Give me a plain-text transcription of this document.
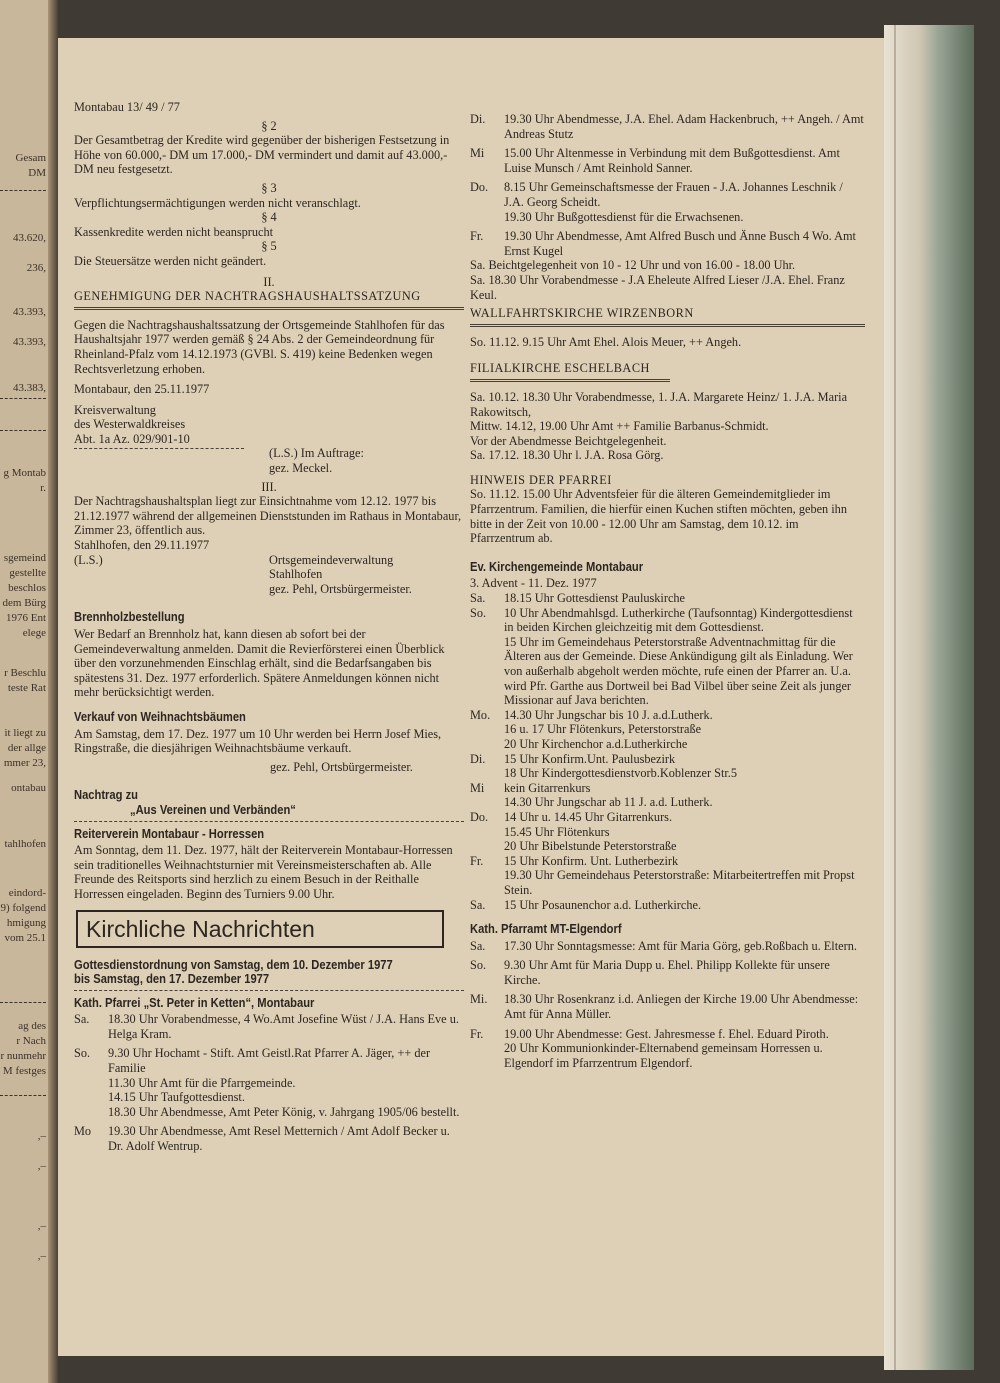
Gesam
DM
43.620,
236,
43.393,
43.393,
43.383,
g Montab
r.
sgemeind
gestellte
beschlos
dem Bürg
1976 Ent
elege
r Beschlu
teste Rat
it liegt zu
der allge
mmer 23,
ontabau
tahlhofen
eindord-
9) folgend
hmigung
vom 25.1
ag des
r Nach
r nunmehr
M festges
,–
,–
,–
,–

Montabau 13/ 49 / 77

§ 2

Der Gesamtbetrag der Kredite wird gegenüber der bisherigen Festsetzung in Höhe von 60.000,- DM um 17.000,- DM vermindert und damit auf 43.000,- DM neu festgesetzt.

§ 3

Verpflichtungsermächtigungen werden nicht veranschlagt.

§ 4

Kassenkredite werden nicht beansprucht

§ 5

Die Steuersätze werden nicht geändert.

II.

GENEHMIGUNG DER NACHTRAGSHAUSHALTSSATZUNG

Gegen die Nachtragshaushaltssatzung der Ortsgemeinde Stahlhofen für das Haushaltsjahr 1977 werden gemäß § 24 Abs. 2 der Gemeindeordnung für Rheinland-Pfalz vom 14.12.1973 (GVBl. S. 419) keine Bedenken wegen Rechtsverletzung erhoben.

Montabaur, den 25.11.1977

Kreisverwaltung

des Westerwaldkreises

Abt. 1a Az. 029/901-10

(L.S.) Im Auftrage:

gez. Meckel.

III.

Der Nachtragshaushaltsplan liegt zur Einsichtnahme vom 12.12. 1977 bis 21.12.1977 während der allgemeinen Dienststunden im Rathaus in Montabaur, Zimmer 23, öffentlich aus.

Stahlhofen, den 29.11.1977

(L.S.)	Ortsgemeindeverwaltung

Stahlhofen

gez. Pehl, Ortsbürgermeister.

Brennholzbestellung

Wer Bedarf an Brennholz hat, kann diesen ab sofort bei der Gemeindeverwaltung anmelden. Damit die Revierförsterei einen Überblick über den vorzunehmenden Einschlag erhält, sind die Bedarfsangaben bis spätestens 31. Dez. 1977 erforderlich. Spätere Anmeldungen können nicht mehr berücksichtigt werden.

Verkauf von Weihnachtsbäumen

Am Samstag, dem 17. Dez. 1977 um 10 Uhr werden bei Herrn Josef Mies, Ringstraße, die diesjährigen Weihnachtsbäume verkauft.

gez. Pehl, Ortsbürgermeister.

Nachtrag zu
„Aus Vereinen und Verbänden“
Reiterverein Montabaur - Horressen

Am Sonntag, dem 11. Dez. 1977, hält der Reiterverein Montabaur-Horressen sein traditionelles Weihnachtsturnier mit Vereinsmeisterschaften ab. Alle Freunde des Reitsports sind herzlich zu einem Besuch in der Reithalle Horressen eingeladen. Beginn des Turniers 9.00 Uhr.

Kirchliche Nachrichten
Gottesdienstordnung von Samstag, dem 10. Dezember 1977
bis Samstag, den 17. Dezember 1977
Kath. Pfarrei „St. Peter in Ketten“, Montabaur
Sa.	18.30 Uhr Vorabendmesse, 4 Wo.Amt Josefine Wüst / J.A. Hans Eve u. Helga Kram.
So.	9.30 Uhr Hochamt - Stift. Amt Geistl.Rat Pfarrer A. Jäger, ++ der Familie
11.30 Uhr Amt für die Pfarrgemeinde.
14.15 Uhr Taufgottesdienst.
18.30 Uhr Abendmesse, Amt Peter König, v. Jahrgang 1905/06 bestellt.
Mo	19.30 Uhr Abendmesse, Amt Resel Metternich / Amt Adolf Becker u. Dr. Adolf Wentrup.
Di.	19.30 Uhr Abendmesse, J.A. Ehel. Adam Hackenbruch, ++ Angeh. / Amt Andreas Stutz
Mi	15.00 Uhr Altenmesse in Verbindung mit dem Bußgottesdienst. Amt Luise Munsch / Amt Reinhold Sanner.
Do.	8.15 Uhr Gemeinschaftsmesse der Frauen - J.A. Johannes Leschnik / J.A. Georg Scheidt.
19.30 Uhr Bußgottesdienst für die Erwachsenen.
Fr.	19.30 Uhr Abendmesse, Amt Alfred Busch und Änne Busch 4 Wo. Amt Ernst Kugel

Sa. Beichtgelegenheit von 10 - 12 Uhr und von 16.00 - 18.00 Uhr.

Sa. 18.30 Uhr Vorabendmesse - J.A Eheleute Alfred Lieser /J.A. Ehel. Franz Keul.

WALLFAHRTSKIRCHE WIRZENBORN

So. 11.12. 9.15 Uhr Amt Ehel. Alois Meuer, ++ Angeh.

FILIALKIRCHE ESCHELBACH

Sa. 10.12. 18.30 Uhr Vorabendmesse, 1. J.A. Margarete Heinz/ 1. J.A. Maria Rakowitsch,

Mittw. 14.12, 19.00 Uhr Amt ++ Familie Barbanus-Schmidt.

Vor der Abendmesse Beichtgelegenheit.

Sa. 17.12. 18.30 Uhr l. J.A. Rosa Görg.

HINWEIS DER PFARREI

So. 11.12. 15.00 Uhr Adventsfeier für die älteren Gemeindemitglieder im Pfarrzentrum. Familien, die hierfür einen Kuchen stiften möchten, geben ihn bitte in der Zeit von 10.00 - 12.00 Uhr am Samstag, dem 10.12. im Pfarrzentrum ab.

Ev. Kirchengemeinde Montabaur

3. Advent - 11. Dez. 1977

Sa.	18.15 Uhr Gottesdienst Pauluskirche
So.	10 Uhr Abendmahlsgd. Lutherkirche (Taufsonntag) Kindergottesdienst in beiden Kirchen gleichzeitig mit dem Gottesdienst.
15 Uhr im Gemeindehaus Peterstorstraße Adventnachmittag für die Älteren aus der Gemeinde. Diese Ankündigung gilt als Einladung. Wer von außerhalb abgeholt werden möchte, rufe einen der Pfarrer an. U.a. wird Pfr. Garthe aus Dortweil bei Bad Vilbel über seine Zeit als junger Missionar auf Java berichten.
Mo.	14.30 Uhr Jungschar bis 10 J. a.d.Lutherk.
16 u. 17 Uhr Flötenkurs, Peterstorstraße
20 Uhr Kirchenchor a.d.Lutherkirche
Di.	15 Uhr Konfirm.Unt. Paulusbezirk
18 Uhr Kindergottesdienstvorb.Koblenzer Str.5
Mi	kein Gitarrenkurs
14.30 Uhr Jungschar ab 11 J. a.d. Lutherk.
Do.	14 Uhr u. 14.45 Uhr Gitarrenkurs.
15.45 Uhr Flötenkurs
20 Uhr Bibelstunde Peterstorstraße
Fr.	15 Uhr Konfirm. Unt. Lutherbezirk
19.30 Uhr Gemeindehaus Peterstorstraße: Mitarbeitertreffen mit Propst Stein.
Sa.	15 Uhr Posaunenchor a.d. Lutherkirche.
Kath. Pfarramt MT-Elgendorf
Sa.	17.30 Uhr Sonntagsmesse: Amt für Maria Görg, geb.Roßbach u. Eltern.
So.	9.30 Uhr Amt für Maria Dupp u. Ehel. Philipp Kollekte für unsere Kirche.
Mi.	18.30 Uhr Rosenkranz i.d. Anliegen der Kirche 19.00 Uhr Abendmesse: Amt für Anna Müller.
Fr.	19.00 Uhr Abendmesse: Gest. Jahresmesse f. Ehel. Eduard Piroth.
20 Uhr Kommunionkinder-Elternabend gemeinsam Horressen u. Elgendorf im Pfarrzentrum Elgendorf.
